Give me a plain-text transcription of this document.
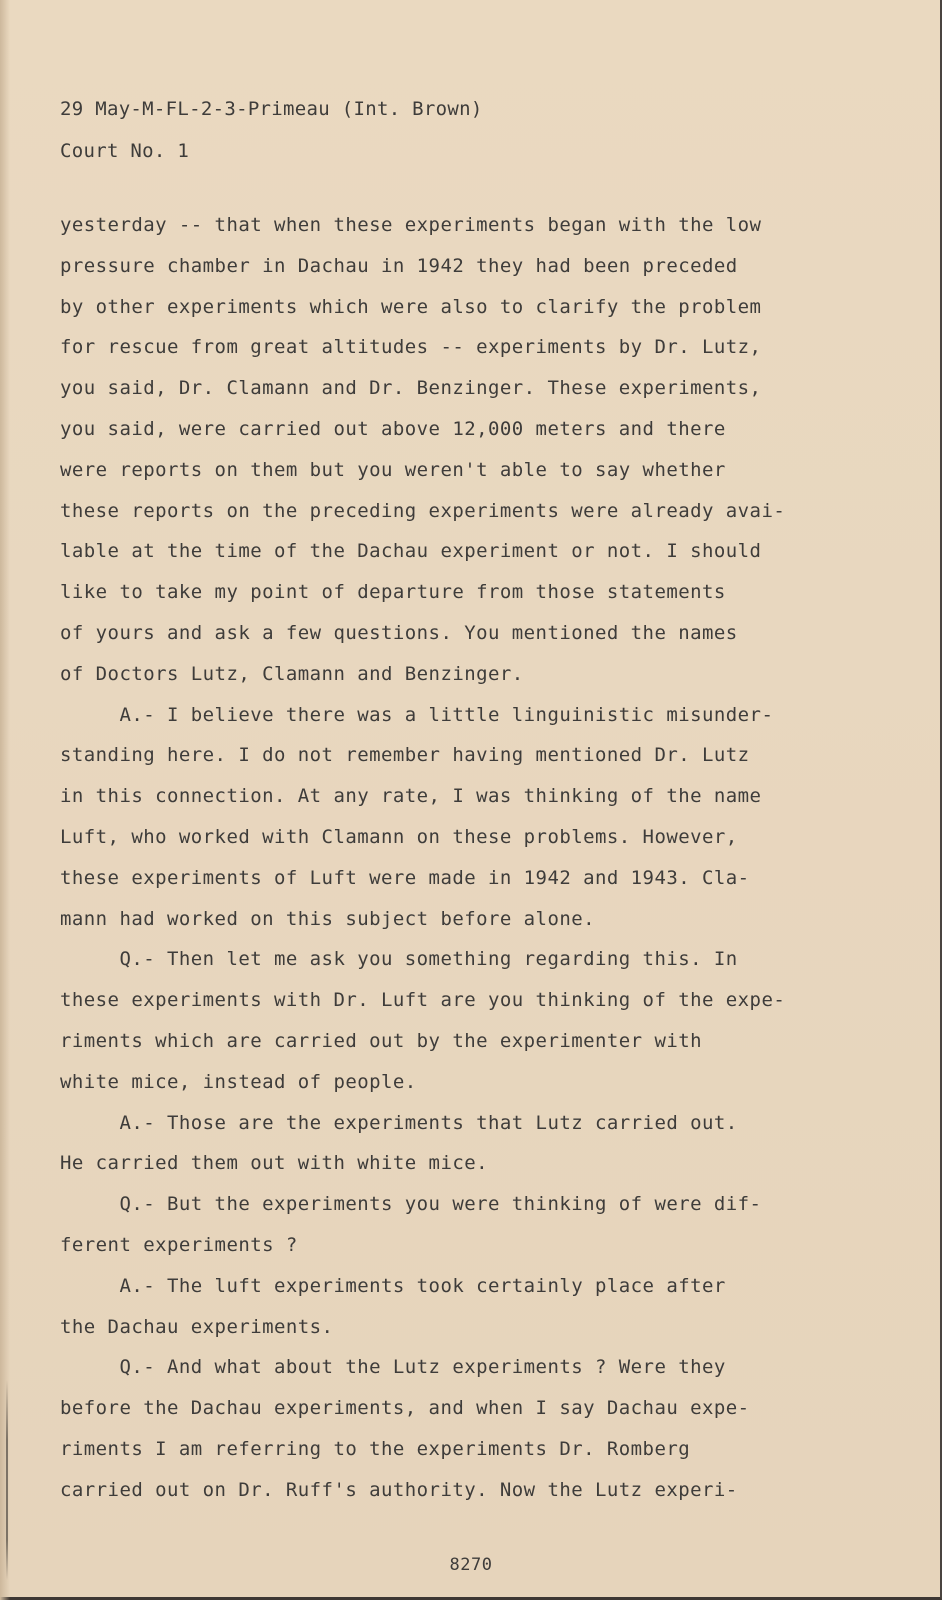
29 May-M-FL-2-3-Primeau (Int. Brown)
Court No. 1
yesterday -- that when these experiments began with the low
pressure chamber in Dachau in 1942 they had been preceded
by other experiments which were also to clarify the problem
for rescue from great altitudes -- experiments by Dr. Lutz,
you said, Dr. Clamann and Dr. Benzinger. These experiments,
you said, were carried out above 12,000 meters and there
were reports on them but you weren't able to say whether
these reports on the preceding experiments were already avai-
lable at the time of the Dachau experiment or not. I should
like to take my point of departure from those statements
of yours and ask a few questions. You mentioned the names
of Doctors Lutz, Clamann and Benzinger.
A.- I believe there was a little linguinistic misunder-
standing here. I do not remember having mentioned Dr. Lutz
in this connection. At any rate, I was thinking of the name
Luft, who worked with Clamann on these problems. However,
these experiments of Luft were made in 1942 and 1943. Cla-
mann had worked on this subject before alone.
Q.- Then let me ask you something regarding this. In
these experiments with Dr. Luft are you thinking of the expe-
riments which are carried out by the experimenter with
white mice, instead of people.
A.- Those are the experiments that Lutz carried out.
He carried them out with white mice.
Q.- But the experiments you were thinking of were dif-
ferent experiments ?
A.- The luft experiments took certainly place after
the Dachau experiments.
Q.- And what about the Lutz experiments ? Were they
before the Dachau experiments, and when I say Dachau expe-
riments I am referring to the experiments Dr. Romberg
carried out on Dr. Ruff's authority. Now the Lutz experi-
8270
